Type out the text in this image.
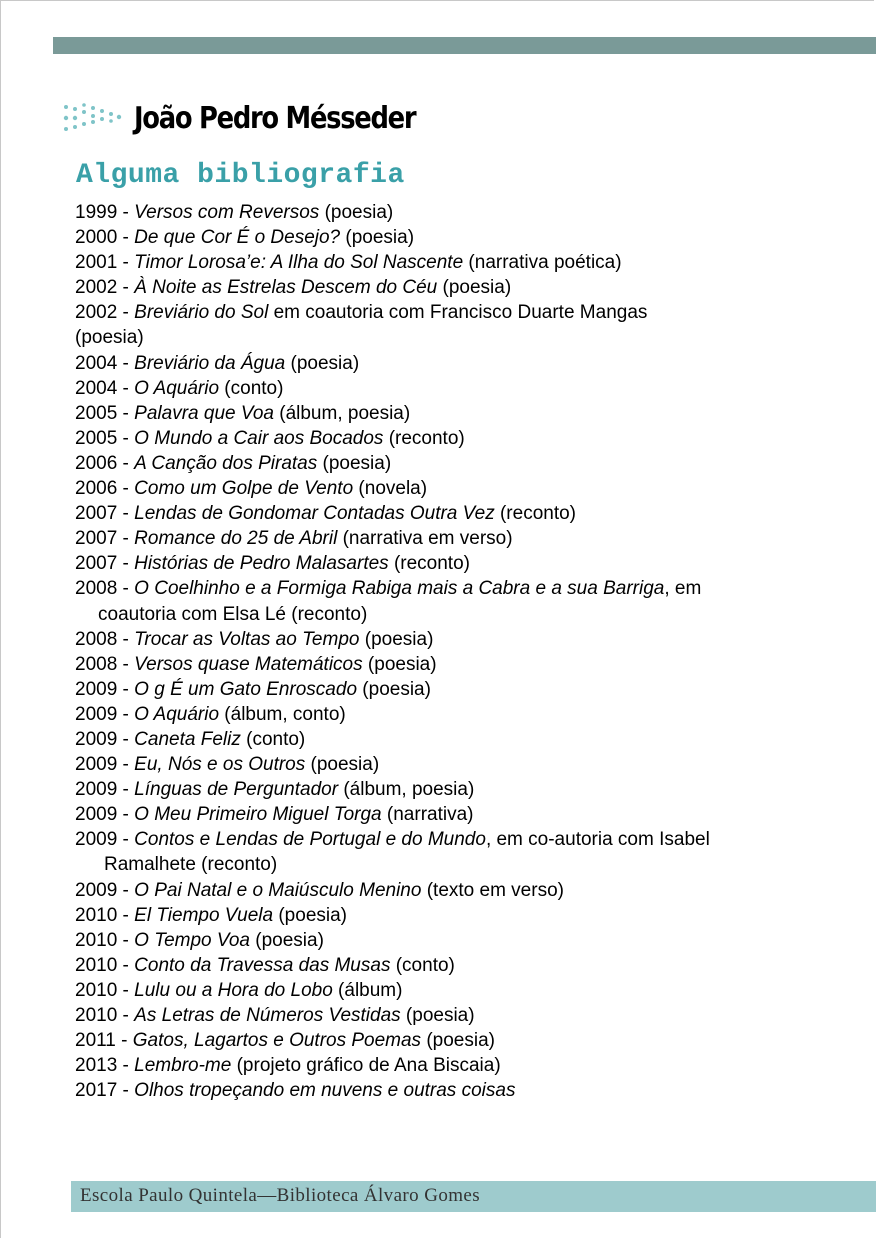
João Pedro Mésseder
Alguma bibliografia
1999 - Versos com Reversos (poesia)
2000 - De que Cor É o Desejo? (poesia)
2001 - Timor Lorosa’e: A Ilha do Sol Nascente (narrativa poética)
2002 - À Noite as Estrelas Descem do Céu (poesia)
2002 - Breviário do Sol em coautoria com Francisco Duarte Mangas
(poesia)
2004 - Breviário da Água (poesia)
2004 - O Aquário (conto)
2005 - Palavra que Voa (álbum, poesia)
2005 - O Mundo a Cair aos Bocados (reconto)
2006 - A Canção dos Piratas (poesia)
2006 - Como um Golpe de Vento (novela)
2007 - Lendas de Gondomar Contadas Outra Vez (reconto)
2007 - Romance do 25 de Abril (narrativa em verso)
2007 - Histórias de Pedro Malasartes (reconto)
2008 - O Coelhinho e a Formiga Rabiga mais a Cabra e a sua Barriga, em
coautoria com Elsa Lé (reconto)
2008 - Trocar as Voltas ao Tempo (poesia)
2008 - Versos quase Matemáticos (poesia)
2009 - O g É um Gato Enroscado (poesia)
2009 - O Aquário (álbum, conto)
2009 - Caneta Feliz (conto)
2009 - Eu, Nós e os Outros (poesia)
2009 - Línguas de Perguntador (álbum, poesia)
2009 - O Meu Primeiro Miguel Torga (narrativa)
2009 - Contos e Lendas de Portugal e do Mundo, em co-autoria com Isabel
Ramalhete (reconto)
2009 - O Pai Natal e o Maiúsculo Menino (texto em verso)
2010 - El Tiempo Vuela (poesia)
2010 - O Tempo Voa (poesia)
2010 - Conto da Travessa das Musas (conto)
2010 - Lulu ou a Hora do Lobo (álbum)
2010 - As Letras de Números Vestidas (poesia)
2011 - Gatos, Lagartos e Outros Poemas (poesia)
2013 - Lembro-me (projeto gráfico de Ana Biscaia)
2017 - Olhos tropeçando em nuvens e outras coisas
Escola Paulo Quintela—Biblioteca Álvaro Gomes
